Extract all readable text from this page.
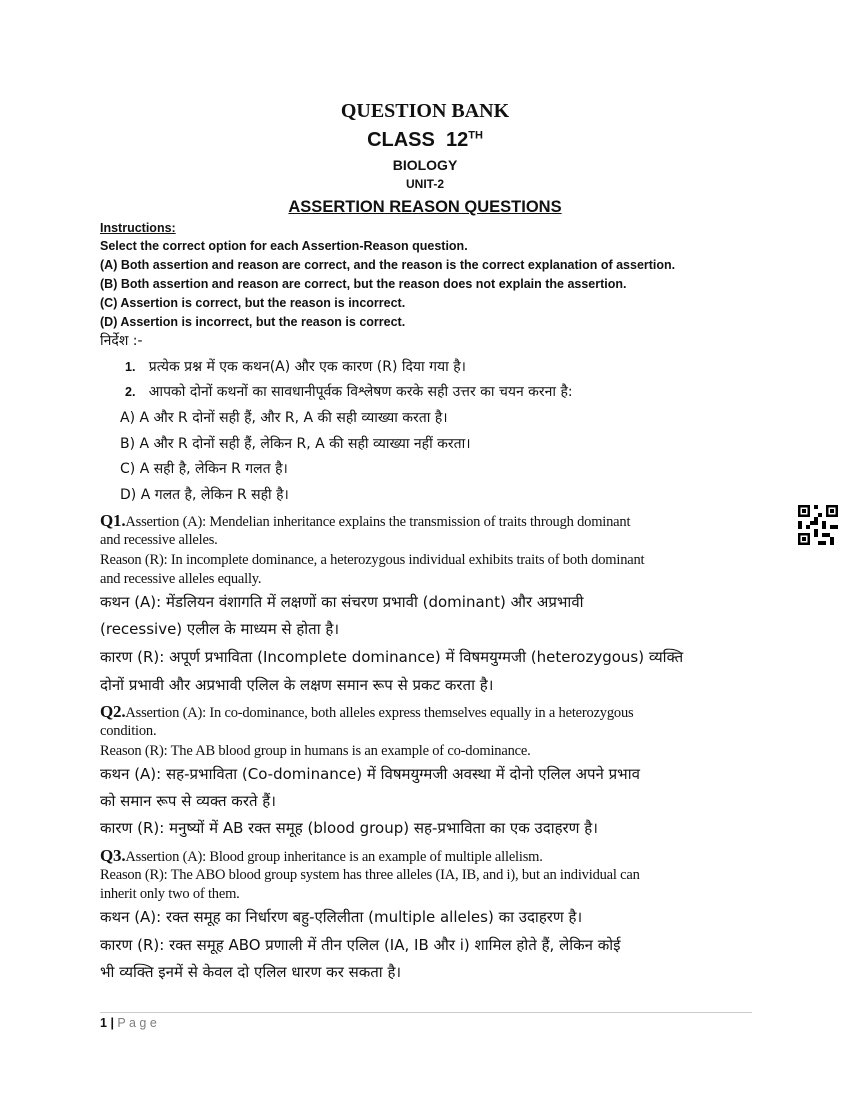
QUESTION BANK
CLASS  12TH
BIOLOGY
UNIT-2
ASSERTION REASON QUESTIONS
Instructions:
Select the correct option for each Assertion-Reason question.
(A) Both assertion and reason are correct, and the reason is the correct explanation of assertion.
(B) Both assertion and reason are correct, but the reason does not explain the assertion.
(C) Assertion is correct, but the reason is incorrect.
(D) Assertion is incorrect, but the reason is correct.
निर्देश :-
1. प्रत्येक प्रश्न में एक कथन(A) और एक कारण (R) दिया गया है।
2. आपको दोनों कथनों का सावधानीपूर्वक विश्लेषण करके सही उत्तर का चयन करना है:
A) A और R दोनों सही हैं, और R, A की सही व्याख्या करता है।
B) A और R दोनों सही हैं, लेकिन R, A की सही व्याख्या नहीं करता।
C) A सही है, लेकिन R गलत है।
D) A गलत है, लेकिन R सही है।
Q1.Assertion (A): Mendelian inheritance explains the transmission of traits through dominant
and recessive alleles.
Reason (R): In incomplete dominance, a heterozygous individual exhibits traits of both dominant
and recessive alleles equally.
कथन (A): मेंडलियन वंशागति में लक्षणों का संचरण प्रभावी (dominant) और अप्रभावी
(recessive) एलील के माध्यम से होता है।
कारण (R): अपूर्ण प्रभाविता (Incomplete dominance) में विषमयुग्मजी (heterozygous) व्यक्ति
दोनों प्रभावी और अप्रभावी एलिल के लक्षण समान रूप से प्रकट करता है।
Q2.Assertion (A): In co-dominance, both alleles express themselves equally in a heterozygous
condition.
Reason (R): The AB blood group in humans is an example of co-dominance.
कथन (A): सह-प्रभाविता (Co-dominance) में विषमयुग्मजी अवस्था में दोनो एलिल अपने प्रभाव
को समान रूप से व्यक्त करते हैं।
कारण (R): मनुष्यों में AB रक्त समूह (blood group) सह-प्रभाविता का एक उदाहरण है।
Q3.Assertion (A): Blood group inheritance is an example of multiple allelism.
Reason (R): The ABO blood group system has three alleles (IA, IB, and i), but an individual can
inherit only two of them.
कथन (A): रक्त समूह का निर्धारण बहु-एलिलीता (multiple alleles) का उदाहरण है।
कारण (R): रक्त समूह ABO प्रणाली में तीन एलिल (IA, IB और i) शामिल होते हैं, लेकिन कोई
भी व्यक्ति इनमें से केवल दो एलिल धारण कर सकता है।
1 | P a g e
